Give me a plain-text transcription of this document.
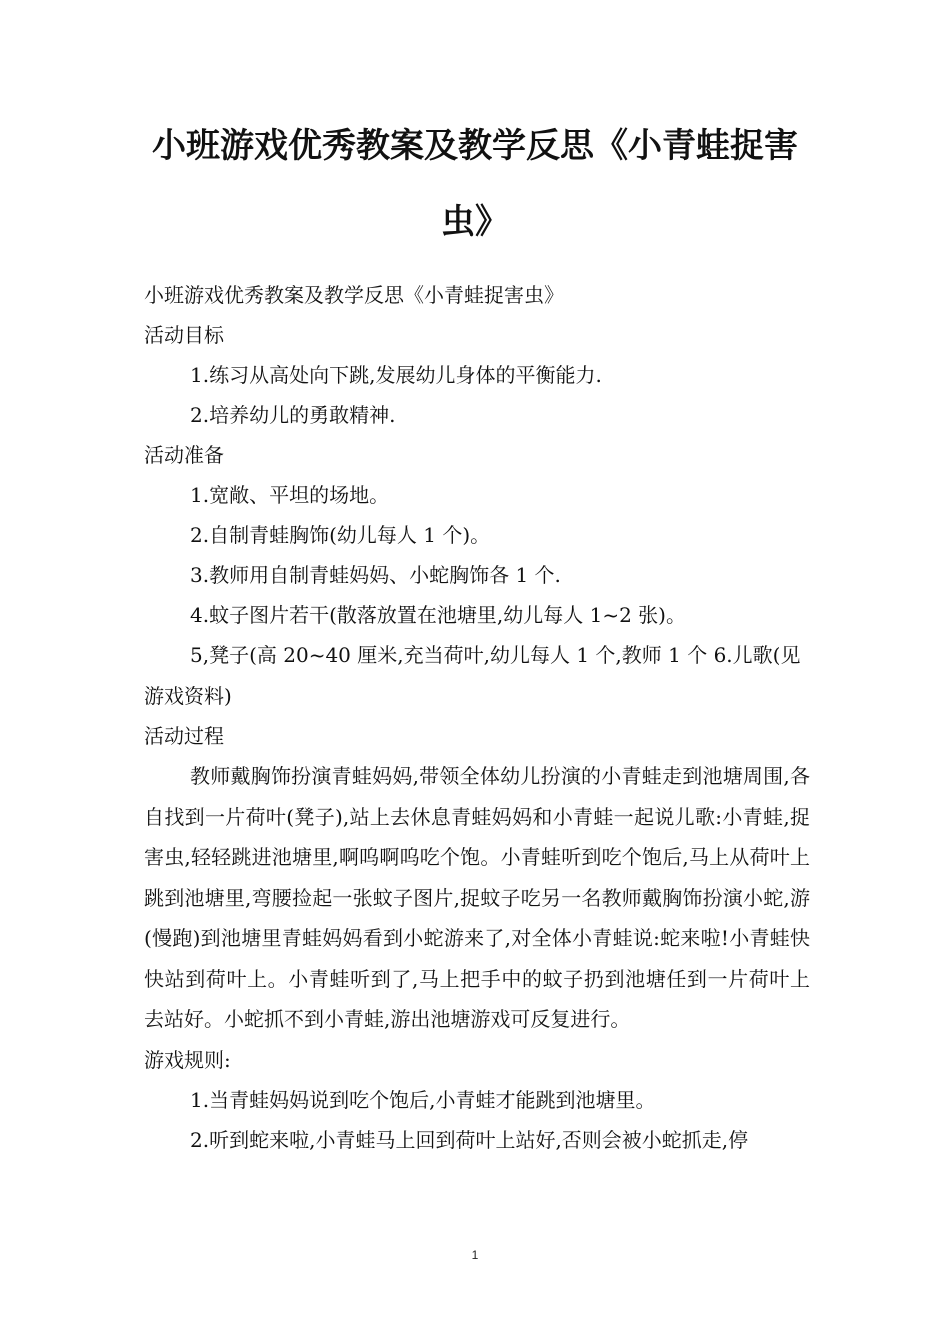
小班游戏优秀教案及教学反思《小青蛙捉害
虫》

小班游戏优秀教案及教学反思《小青蛙捉害虫》

活动目标

1.练习从高处向下跳,发展幼儿身体的平衡能力.

2.培养幼儿的勇敢精神.

活动准备

1.宽敞、平坦的场地。

2.自制青蛙胸饰(幼儿每人 1 个)。

3.教师用自制青蛙妈妈、小蛇胸饰各 1 个.

4.蚊子图片若干(散落放置在池塘里,幼儿每人 1~2 张)。

5,凳子(高 20~40 厘米,充当荷叶,幼儿每人 1 个,教师 1 个 6.儿歌(见游戏资料)

活动过程

教师戴胸饰扮演青蛙妈妈,带领全体幼儿扮演的小青蛙走到池塘周围,各自找到一片荷叶(凳子),站上去休息青蛙妈妈和小青蛙一起说儿歌:小青蛙,捉害虫,轻轻跳进池塘里,啊呜啊呜吃个饱。小青蛙听到吃个饱后,马上从荷叶上跳到池塘里,弯腰捡起一张蚊子图片,捉蚊子吃另一名教师戴胸饰扮演小蛇,游(慢跑)到池塘里青蛙妈妈看到小蛇游来了,对全体小青蛙说:蛇来啦!小青蛙快快站到荷叶上。小青蛙听到了,马上把手中的蚊子扔到池塘任到一片荷叶上去站好。小蛇抓不到小青蛙,游出池塘游戏可反复进行。

游戏规则:

1.当青蛙妈妈说到吃个饱后,小青蛙才能跳到池塘里。

2.听到蛇来啦,小青蛙马上回到荷叶上站好,否则会被小蛇抓走,停

1
